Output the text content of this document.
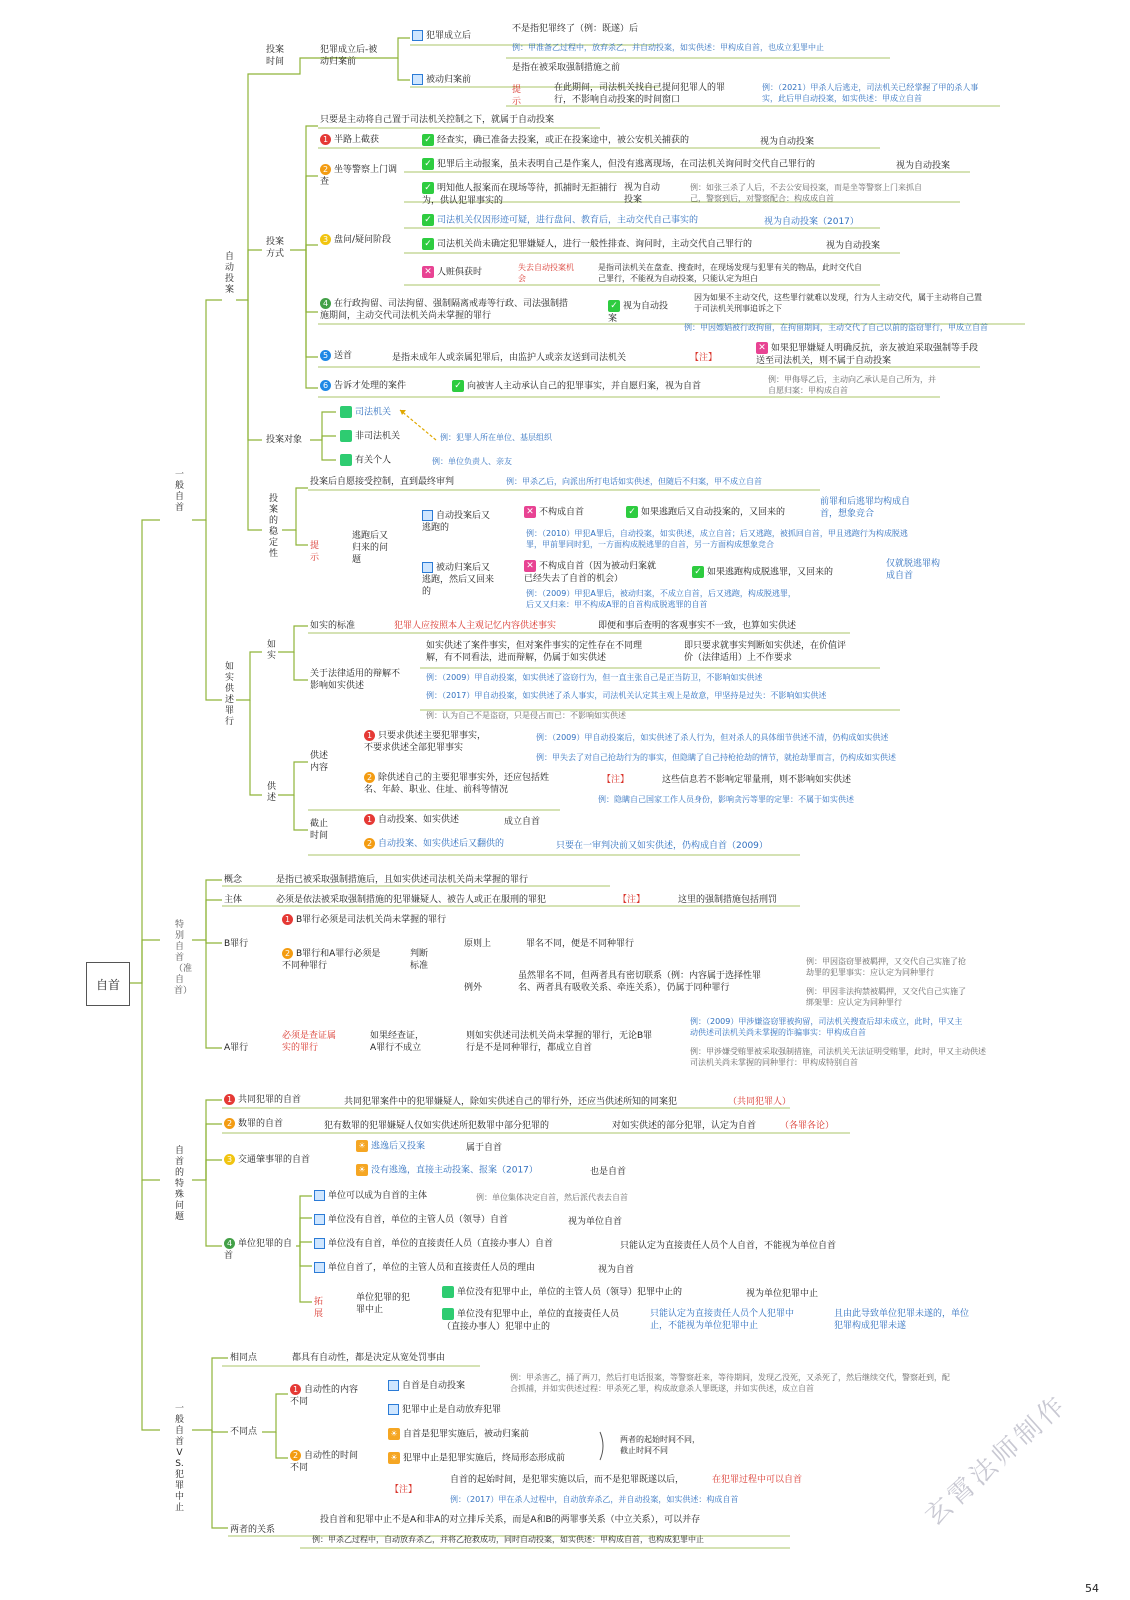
自首
一般自首
特别自首（准自首）
自首的特殊问题
一般自首VS.犯罪中止
自动投案
投案时间
犯罪成立后-被动归案前
犯罪成立后
不是指犯罪终了（例：既遂）后
例：甲准备乙过程中，放弃杀乙，并自动投案，如实供述：甲构成自首，也成立犯罪中止
被动归案前
是指在被采取强制措施之前
提示
在此期间，司法机关找自己提问犯罪人的罪行，不影响自动投案的时间窗口
例：（2021）甲杀人后逃走，司法机关已经掌握了甲的杀人事实，此后甲自动投案，如实供述：甲成立自首
只要是主动将自己置于司法机关控制之下，就属于自动投案
投案方式
1 半路上截获	✓ 经查实，确已准备去投案，或正在投案途中，被公安机关捕获的	视为自动投案
2 坐等警察上门调查
✓ 犯罪后主动报案，虽未表明自己是作案人，但没有逃离现场，在司法机关询问时交代自己罪行的	视为自动投案
✓ 明知他人报案而在现场等待，抓捕时无拒捕行为，供认犯罪事实的
视为自动投案
例：如张三杀了人后，不去公安局投案，而是坐等警察上门来抓自己，警察到后，对警察配合：构成成自首
3 盘问/疑问阶段
✓ 司法机关仅因形迹可疑，进行盘问、教育后，主动交代自己事实的	视为自动投案（2017）
✓ 司法机关尚未确定犯罪嫌疑人，进行一般性排查、询问时，主动交代自己罪行的	视为自动投案
✕ 人赃俱获时	失去自动投案机会
是指司法机关在盘查、搜查时，在现场发现与犯罪有关的物品，此时交代自己罪行，不能视为自动投案，只能认定为坦白
4 在行政拘留、司法拘留、强制隔离戒毒等行政、司法强制措施期间，主动交代司法机关尚未掌握的罪行
✓ 视为自动投案
因为如果不主动交代，这些罪行就难以发现，行为人主动交代，属于主动将自己置于司法机关刑事追诉之下
例：甲因嫖娼被行政拘留，在拘留期间，主动交代了自己以前的盗窃罪行，甲成立自首
5 送首	是指未成年人或亲属犯罪后，由监护人或亲友送到司法机关	【注】
✕ 如果犯罪嫌疑人明确反抗，亲友被迫采取强制等手段送至司法机关，则不属于自动投案
6 告诉才处理的案件	✓ 向被害人主动承认自己的犯罪事实，并自愿归案，视为自首
例：甲侮辱乙后，主动向乙承认是自己所为，并自愿归案：甲构成自首
投案对象
司法机关
非司法机关
有关个人
例：犯罪人所在单位、基层组织
例：单位负责人、亲友
投案的稳定性
投案后自愿接受控制，直到最终审判	例：甲杀乙后，向派出所打电话如实供述，但随后不归案，甲不成立自首
提示
逃跑后又归来的问题
自动投案后又逃跑的
✕ 不构成自首	✓ 如果逃跑后又自动投案的，又回来的
前罪和后逃罪均构成自首，想象竞合
例：（2010）甲犯A罪后，自动投案，如实供述，成立自首；后又逃跑，被抓回自首，甲且逃跑行为构成脱逃罪，甲前罪同时犯，一方面构成脱逃罪的自首，另一方面构成想象竞合
被动归案后又逃跑，然后又回来的
✕ 不构成自首（因为被动归案就已经失去了自首的机会）
✓ 如果逃跑构成脱逃罪，又回来的
仅就脱逃罪构成自首
例：（2009）甲犯A罪后，被动归案，不成立自首，后又逃跑，构成脱逃罪，后又又归来：甲不构成A罪的自首构成脱逃罪的自首
如实供述罪行
如实
如实的标准	犯罪人应按照本人主观记忆内容供述事实	即便和事后查明的客观事实不一致，也算如实供述
关于法律适用的辩解不影响如实供述
如实供述了案件事实，但对案件事实的定性存在不同理解，有不同看法，进而辩解，仍属于如实供述
即只要求就事实判断如实供述，在价值评价（法律适用）上不作要求
例：（2009）甲自动投案，如实供述了盗窃行为，但一直主张自己是正当防卫，不影响如实供述
例：（2017）甲自动投案，如实供述了杀人事实，司法机关认定其主观上是故意，甲坚持是过失：不影响如实供述
例：认为自己不是盗窃，只是侵占而已：不影响如实供述
供述
供述内容
1 只要求供述主要犯罪事实，不要求供述全部犯罪事实
例：（2009）甲自动投案后，如实供述了杀人行为，但对杀人的具体细节供述不清，仍构成如实供述
例：甲失去了对自己抢劫行为的事实，但隐瞒了自己持枪抢劫的情节，就抢劫罪而言，仍构成如实供述
2 除供述自己的主要犯罪事实外，还应包括姓名、年龄、职业、住址、前科等情况
【注】	这些信息若不影响定罪量刑，则不影响如实供述
例：隐瞒自己国家工作人员身份，影响贪污等罪的定罪：不属于如实供述
截止时间
1 自动投案、如实供述	成立自首
2 自动投案、如实供述后又翻供的	只要在一审判决前又如实供述，仍构成自首（2009）
概念	是指已被采取强制措施后，且如实供述司法机关尚未掌握的罪行
主体	必须是依法被采取强制措施的犯罪嫌疑人、被告人或正在服刑的罪犯	【注】	这里的强制措施包括刑罚
B罪行
1 B罪行必须是司法机关尚未掌握的罪行
2 B罪行和A罪行必须是不同种罪行
判断标准
原则上	罪名不同，便是不同种罪行
例外
虽然罪名不同，但两者具有密切联系（例：内容属于选择性罪名、两者具有吸收关系、牵连关系），仍属于同种罪行
例：甲因盗窃罪被羁押，又交代自己实施了抢劫罪的犯罪事实：应认定为同种罪行
例：甲因非法拘禁被羁押，又交代自己实施了绑架罪：应认定为同种罪行
A罪行
必须是查证属实的罪行
如果经查证，A罪行不成立
则如实供述司法机关尚未掌握的罪行，无论B罪行是不是同种罪行，都成立自首
例：（2009）甲涉嫌盗窃罪被拘留，司法机关搜查后却未成立，此时，甲又主动供述司法机关尚未掌握的诈骗事实：甲构成自首
例：甲涉嫌受贿罪被采取强制措施，司法机关无法证明受贿罪，此时，甲又主动供述司法机关尚未掌握的同种罪行：甲构成特别自首
1 共同犯罪的自首	共同犯罪案件中的犯罪嫌疑人，除如实供述自己的罪行外，还应当供述所知的同案犯	（共同犯罪人）
2 数罪的自首	犯有数罪的犯罪嫌疑人仅如实供述所犯数罪中部分犯罪的	对如实供述的部分犯罪，认定为自首	（各罪各论）
3 交通肇事罪的自首
☀ 逃逸后又投案	属于自首
☀ 没有逃逸，直接主动投案、报案（2017）	也是自首
4 单位犯罪的自首
单位可以成为自首的主体	例：单位集体决定自首，然后派代表去自首
单位没有自首，单位的主管人员（领导）自首	视为单位自首
单位没有自首，单位的直接责任人员（直接办事人）自首	只能认定为直接责任人员个人自首，不能视为单位自首
单位自首了，单位的主管人员和直接责任人员的理由	视为自首
拓展
单位犯罪的犯罪中止
单位没有犯罪中止，单位的主管人员（领导）犯罪中止的	视为单位犯罪中止
单位没有犯罪中止，单位的直接责任人员（直接办事人）犯罪中止的
只能认定为直接责任人员个人犯罪中止，不能视为单位犯罪中止
且由此导致单位犯罪未遂的，单位犯罪构成犯罪未遂
相同点	都具有自动性，都是决定从宽处罚事由
不同点
1 自动性的内容不同
自首是自动投案
犯罪中止是自动放弃犯罪
例：甲杀害乙，捅了两刀，然后打电话报案，等警察赶来，等待期间，发现乙没死，又杀死了，然后继续交代，警察赶到，配合抓捕，并如实供述过程：甲杀死乙罪，构成故意杀人罪既遂，并如实供述，成立自首
2 自动性的时间不同
☀ 自首是犯罪实施后，被动归案前
☀ 犯罪中止是犯罪实施后，终局形态形成前
两者的起始时间不同，截止时间不同
【注】
自首的起始时间，是犯罪实施以后，而不是犯罪既遂以后，	在犯罪过程中可以自首
例：（2017）甲在杀人过程中，自动放弃杀乙，并自动投案，如实供述：构成自首
两者的关系
投自首和犯罪中止不是A和非A的对立排斥关系，而是A和B的两罪事关系（中立关系），可以并存
例：甲杀乙过程中，自动放弃杀乙，并将乙抢救成功，同时自动投案，如实供述：甲构成自首，也构成犯罪中止
玄霄法师制作
54
